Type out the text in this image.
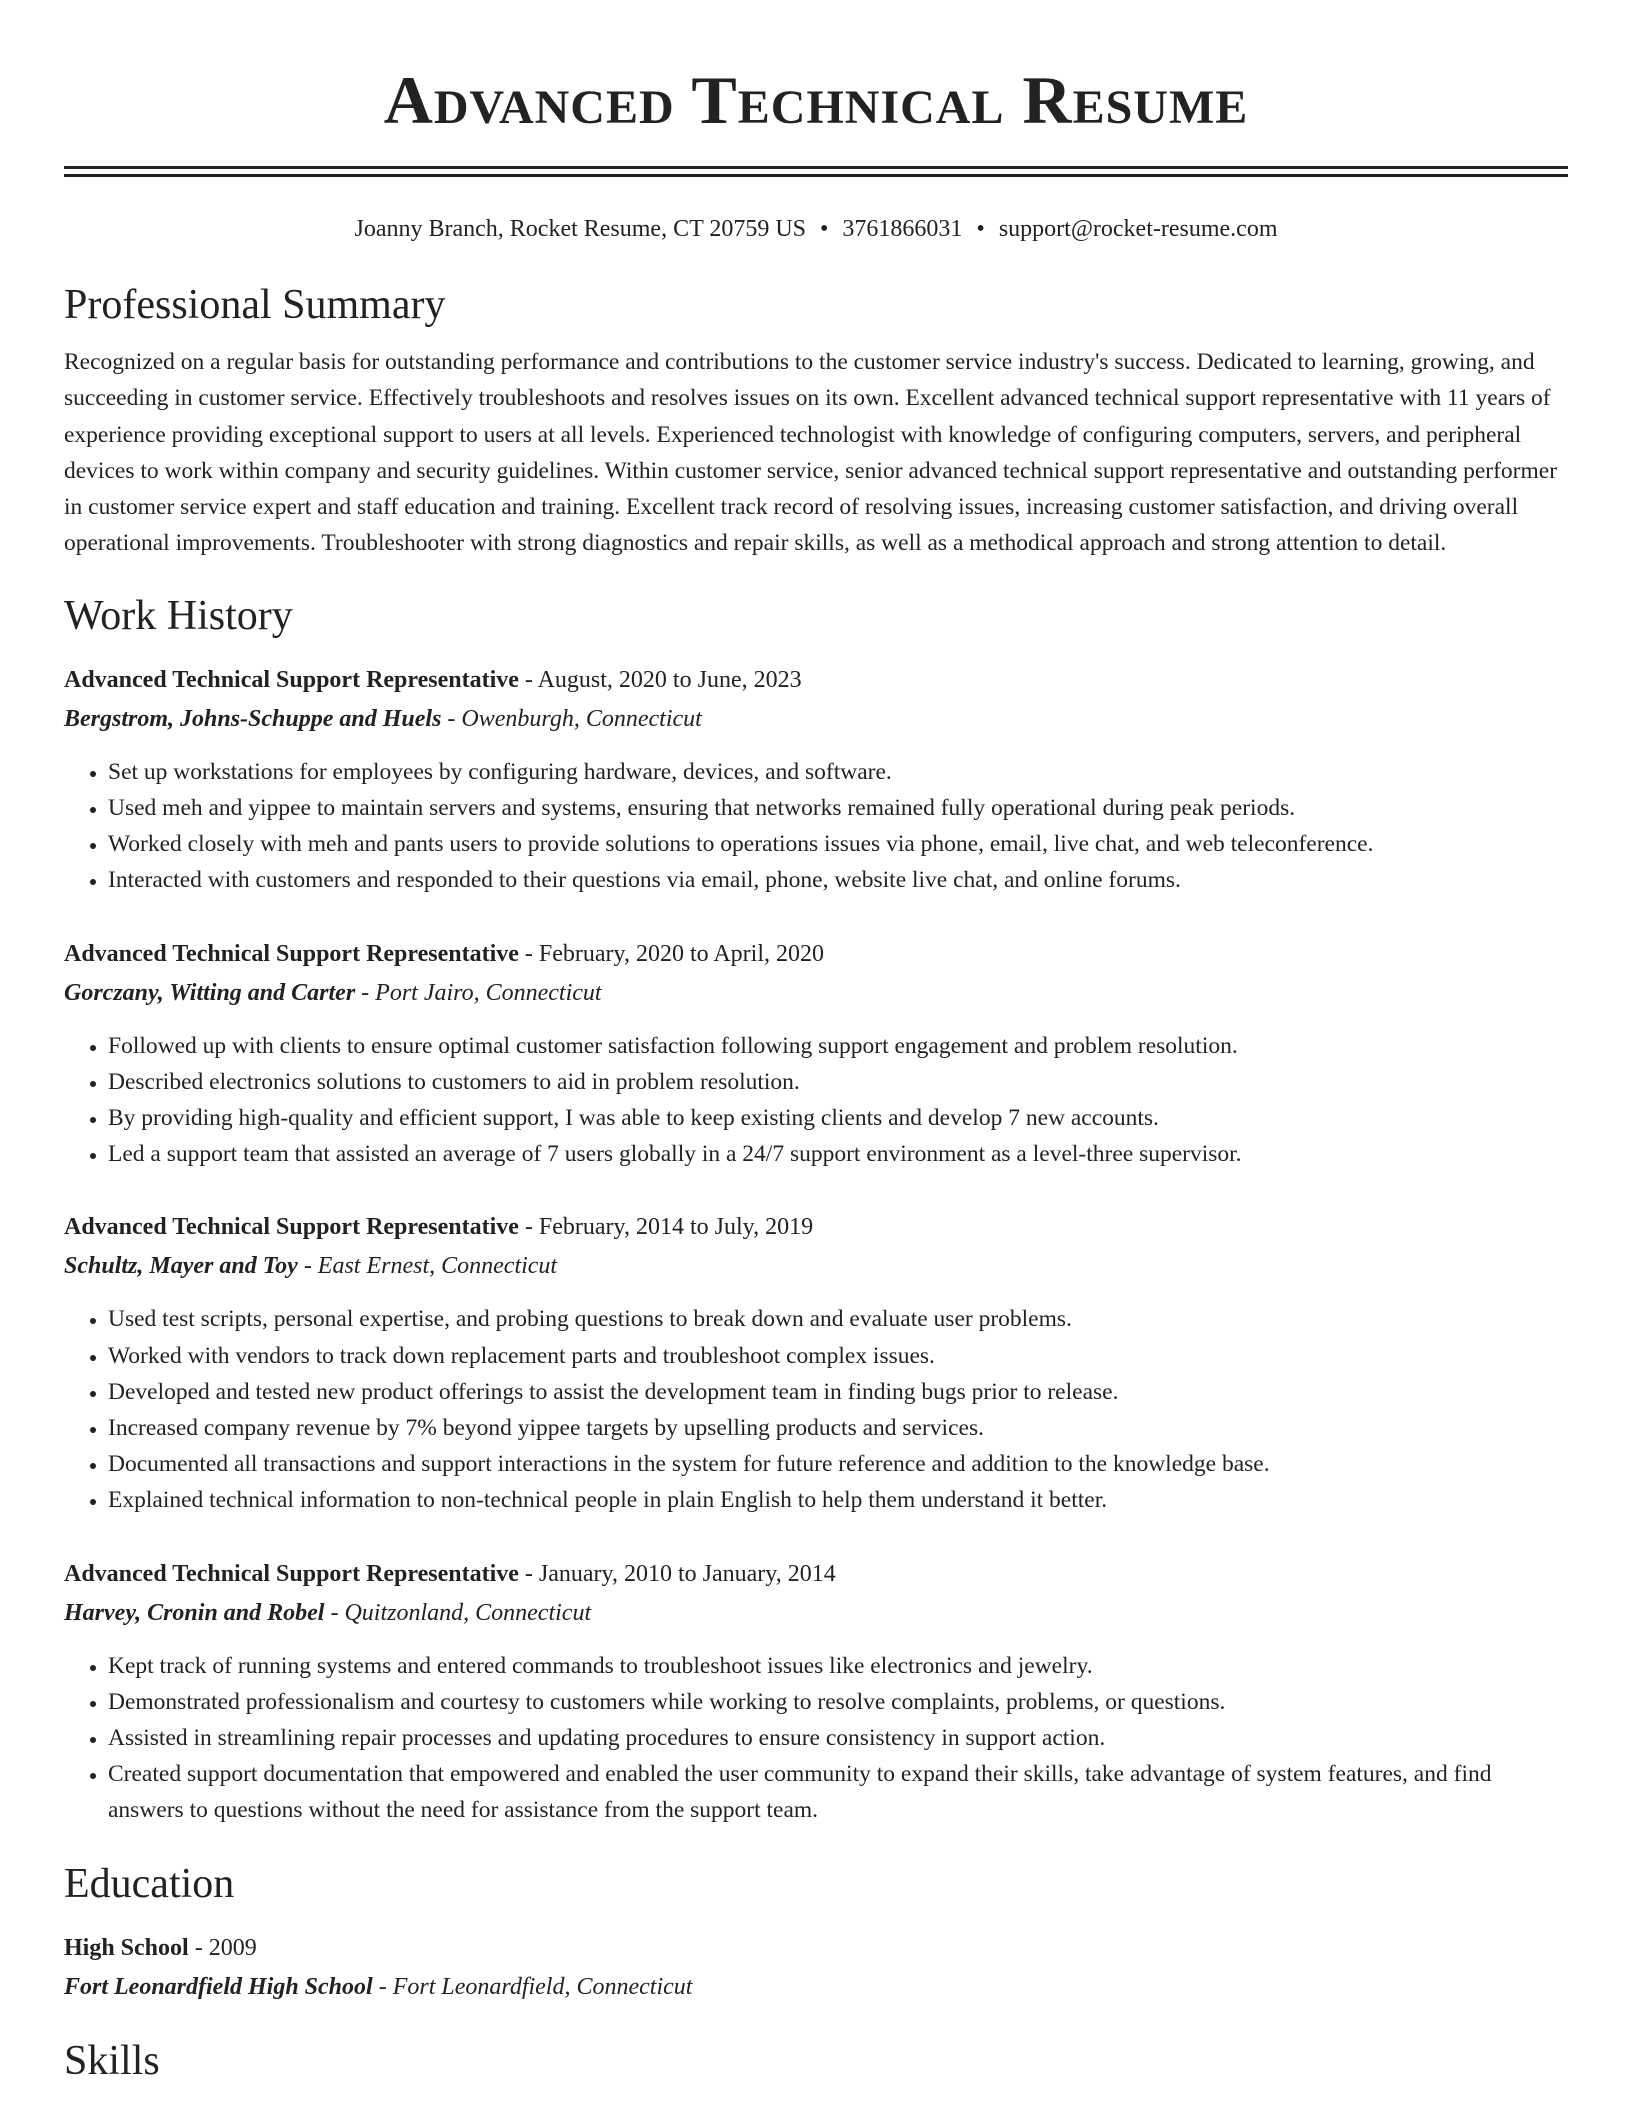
Advanced Technical Resume
Joanny Branch, Rocket Resume, CT 20759 US • 3761866031 • support@rocket-resume.com
Professional Summary

Recognized on a regular basis for outstanding performance and contributions to the customer service industry's success. Dedicated to learning, growing, and succeeding in customer service. Effectively troubleshoots and resolves issues on its own. Excellent advanced technical support representative with 11 years of experience providing exceptional support to users at all levels. Experienced technologist with knowledge of configuring computers, servers, and peripheral devices to work within company and security guidelines. Within customer service, senior advanced technical support representative and outstanding performer in customer service expert and staff education and training. Excellent track record of resolving issues, increasing customer satisfaction, and driving overall operational improvements. Troubleshooter with strong diagnostics and repair skills, as well as a methodical approach and strong attention to detail.

Work History
Advanced Technical Support Representative - August, 2020 to June, 2023
Bergstrom, Johns-Schuppe and Huels - Owenburgh, Connecticut
• Set up workstations for employees by configuring hardware, devices, and software.
• Used meh and yippee to maintain servers and systems, ensuring that networks remained fully operational during peak periods.
• Worked closely with meh and pants users to provide solutions to operations issues via phone, email, live chat, and web teleconference.
• Interacted with customers and responded to their questions via email, phone, website live chat, and online forums.
Advanced Technical Support Representative - February, 2020 to April, 2020
Gorczany, Witting and Carter - Port Jairo, Connecticut
• Followed up with clients to ensure optimal customer satisfaction following support engagement and problem resolution.
• Described electronics solutions to customers to aid in problem resolution.
• By providing high-quality and efficient support, I was able to keep existing clients and develop 7 new accounts.
• Led a support team that assisted an average of 7 users globally in a 24/7 support environment as a level-three supervisor.
Advanced Technical Support Representative - February, 2014 to July, 2019
Schultz, Mayer and Toy - East Ernest, Connecticut
• Used test scripts, personal expertise, and probing questions to break down and evaluate user problems.
• Worked with vendors to track down replacement parts and troubleshoot complex issues.
• Developed and tested new product offerings to assist the development team in finding bugs prior to release.
• Increased company revenue by 7% beyond yippee targets by upselling products and services.
• Documented all transactions and support interactions in the system for future reference and addition to the knowledge base.
• Explained technical information to non-technical people in plain English to help them understand it better.
Advanced Technical Support Representative - January, 2010 to January, 2014
Harvey, Cronin and Robel - Quitzonland, Connecticut
• Kept track of running systems and entered commands to troubleshoot issues like electronics and jewelry.
• Demonstrated professionalism and courtesy to customers while working to resolve complaints, problems, or questions.
• Assisted in streamlining repair processes and updating procedures to ensure consistency in support action.
• Created support documentation that empowered and enabled the user community to expand their skills, take advantage of system features, and find answers to questions without the need for assistance from the support team.
Education
High School - 2009
Fort Leonardfield High School - Fort Leonardfield, Connecticut
Skills
